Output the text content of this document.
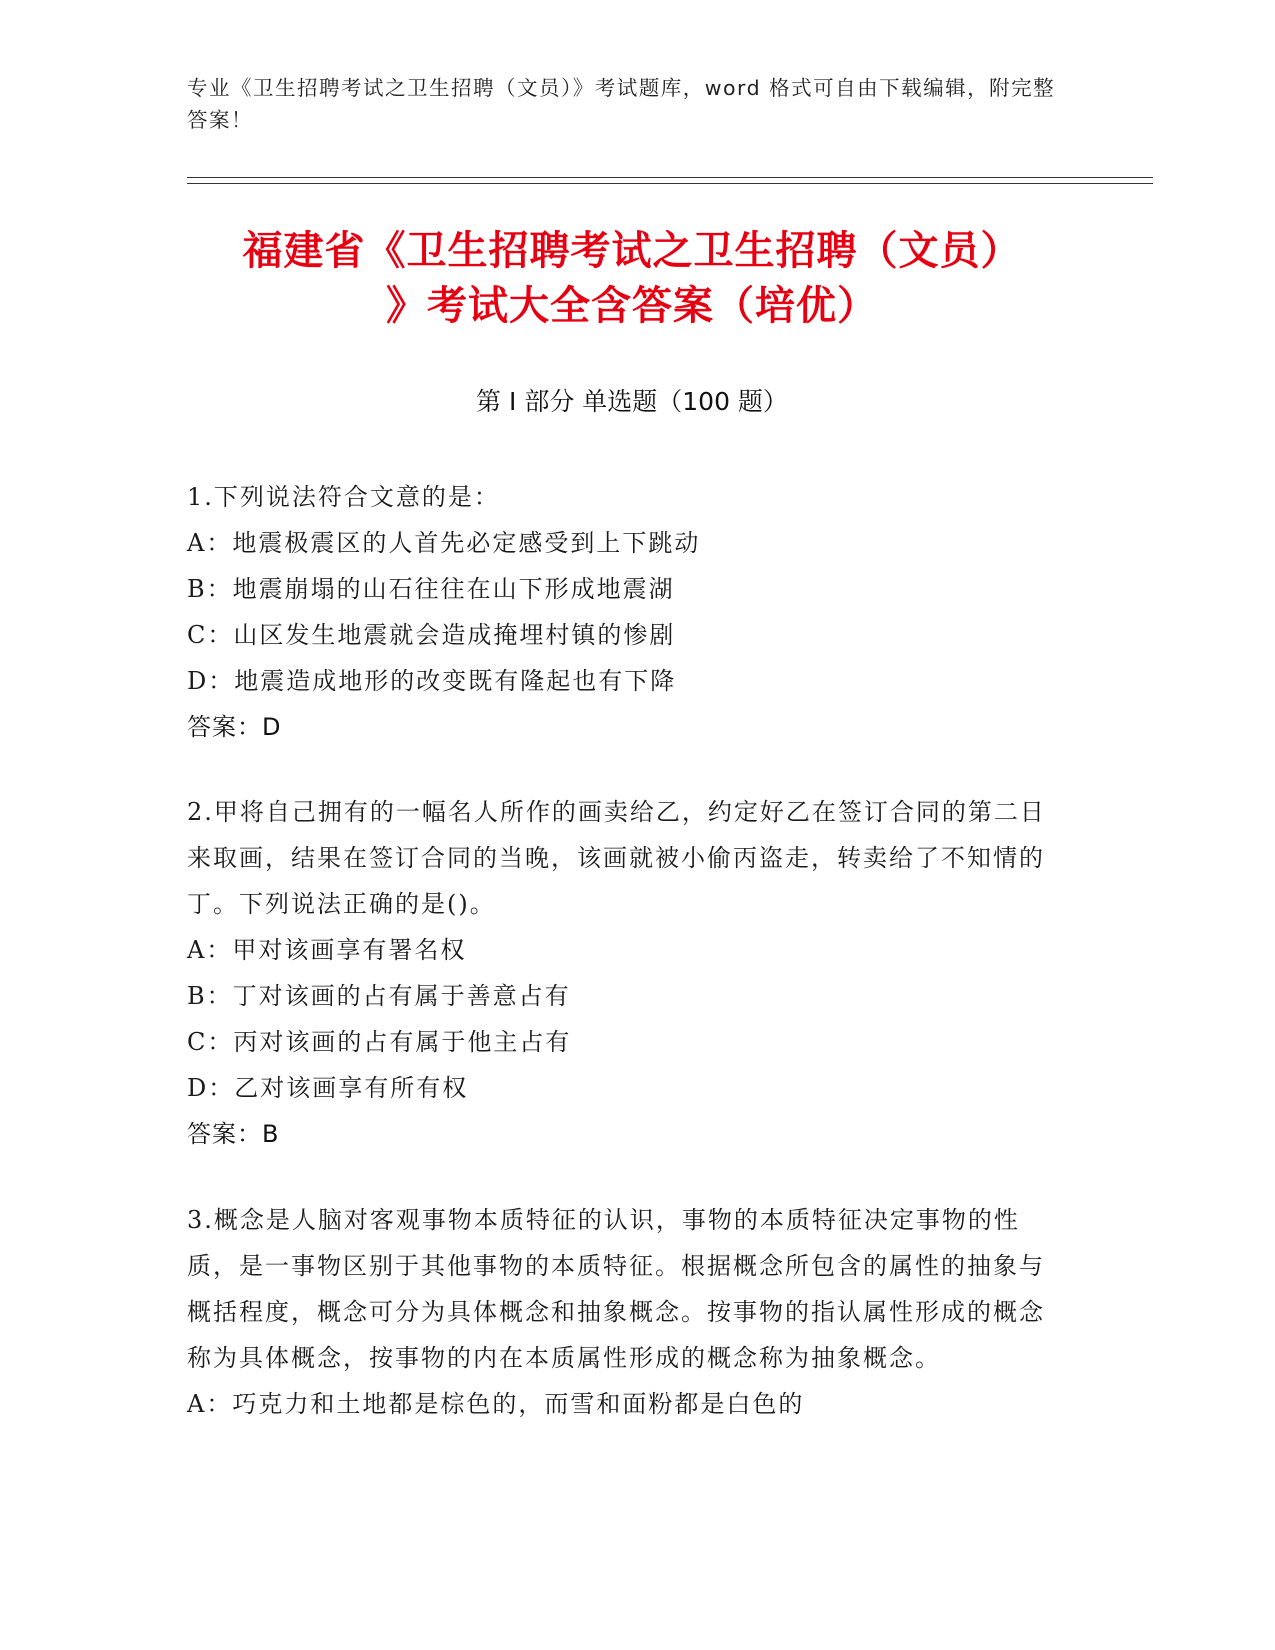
专业《卫生招聘考试之卫生招聘（文员）》考试题库，word 格式可自由下载编辑，附完整答案！
福建省《卫生招聘考试之卫生招聘（文员）
》考试大全含答案（培优）
第 I 部分 单选题（100 题）
1.下列说法符合文意的是：
A：地震极震区的人首先必定感受到上下跳动
B：地震崩塌的山石往往在山下形成地震湖
C：山区发生地震就会造成掩埋村镇的惨剧
D：地震造成地形的改变既有隆起也有下降
答案：D
2.甲将自己拥有的一幅名人所作的画卖给乙，约定好乙在签订合同的第二日来取画，结果在签订合同的当晚，该画就被小偷丙盗走，转卖给了不知情的丁。下列说法正确的是()。
A：甲对该画享有署名权
B：丁对该画的占有属于善意占有
C：丙对该画的占有属于他主占有
D：乙对该画享有所有权
答案：B
3.概念是人脑对客观事物本质特征的认识，事物的本质特征决定事物的性质，是一事物区别于其他事物的本质特征。根据概念所包含的属性的抽象与概括程度，概念可分为具体概念和抽象概念。按事物的指认属性形成的概念称为具体概念，按事物的内在本质属性形成的概念称为抽象概念。
A：巧克力和土地都是棕色的，而雪和面粉都是白色的
